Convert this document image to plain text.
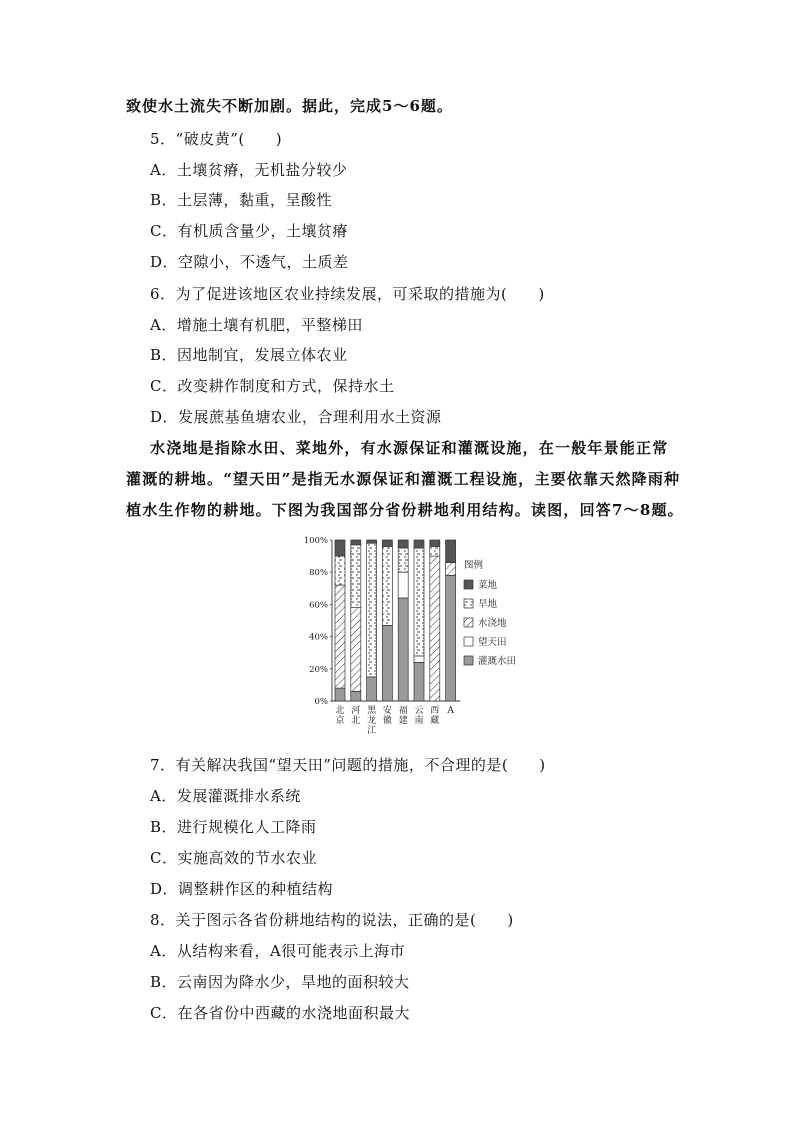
致使水土流失不断加剧。据此，完成5～6题。
5．“破皮黄”(　　)
A．土壤贫瘠，无机盐分较少
B．土层薄，黏重，呈酸性
C．有机质含量少，土壤贫瘠
D．空隙小，不透气，土质差
6．为了促进该地区农业持续发展，可采取的措施为(　　)
A．增施土壤有机肥，平整梯田
B．因地制宜，发展立体农业
C．改变耕作制度和方式，保持水土
D．发展蔗基鱼塘农业，合理利用水土资源
水浇地是指除水田、菜地外，有水源保证和灌溉设施，在一般年景能正常
灌溉的耕地。“望天田”是指无水源保证和灌溉工程设施，主要依靠天然降雨种
植水生作物的耕地。下图为我国部分省份耕地利用结构。读图，回答7～8题。
100%
80%
60%
40%
20%
0%
北
京
河
北
黑
龙
江
安
徽
福
建
云
南
西
藏
A
图例
菜地
旱地
水浇地
望天田
灌溉水田
7．有关解决我国“望天田”问题的措施，不合理的是(　　)
A．发展灌溉排水系统
B．进行规模化人工降雨
C．实施高效的节水农业
D．调整耕作区的种植结构
8．关于图示各省份耕地结构的说法，正确的是(　　)
A．从结构来看，A很可能表示上海市
B．云南因为降水少，旱地的面积较大
C．在各省份中西藏的水浇地面积最大
